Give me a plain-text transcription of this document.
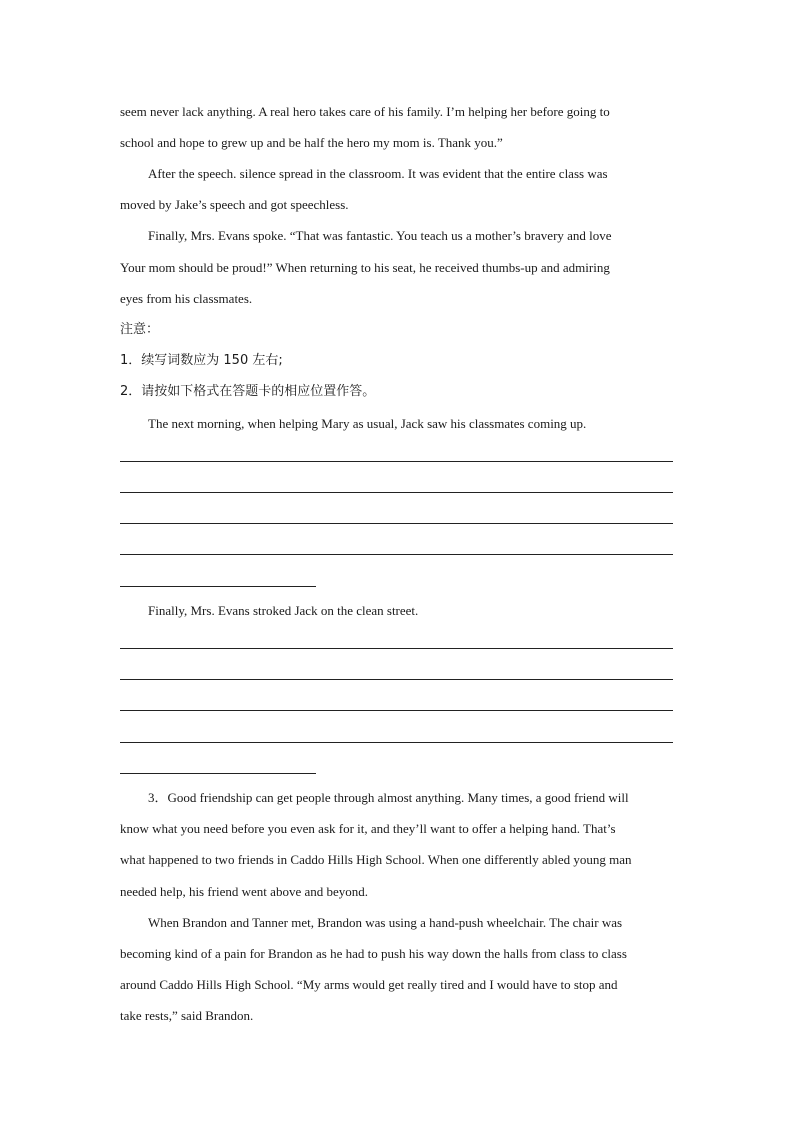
seem never lack anything. A real hero takes care of his family. I’m helping her before going to
school and hope to grew up and be half the hero my mom is. Thank you.”
After the speech. silence spread in the classroom. It was evident that the entire class was
moved by Jake’s speech and got speechless.
Finally, Mrs. Evans spoke. “That was fantastic. You teach us a mother’s bravery and love
Your mom should be proud!” When returning to his seat, he received thumbs-up and admiring
eyes from his classmates.
注意：
1．续写词数应为 150 左右;
2．请按如下格式在答题卡的相应位置作答。
The next morning, when helping Mary as usual, Jack saw his classmates coming up.
Finally, Mrs. Evans stroked Jack on the clean street.
3．Good friendship can get people through almost anything. Many times, a good friend will
know what you need before you even ask for it, and they’ll want to offer a helping hand. That’s
what happened to two friends in Caddo Hills High School. When one differently abled young man
needed help, his friend went above and beyond.
When Brandon and Tanner met, Brandon was using a hand-push wheelchair. The chair was
becoming kind of a pain for Brandon as he had to push his way down the halls from class to class
around Caddo Hills High School. “My arms would get really tired and I would have to stop and
take rests,” said Brandon.
